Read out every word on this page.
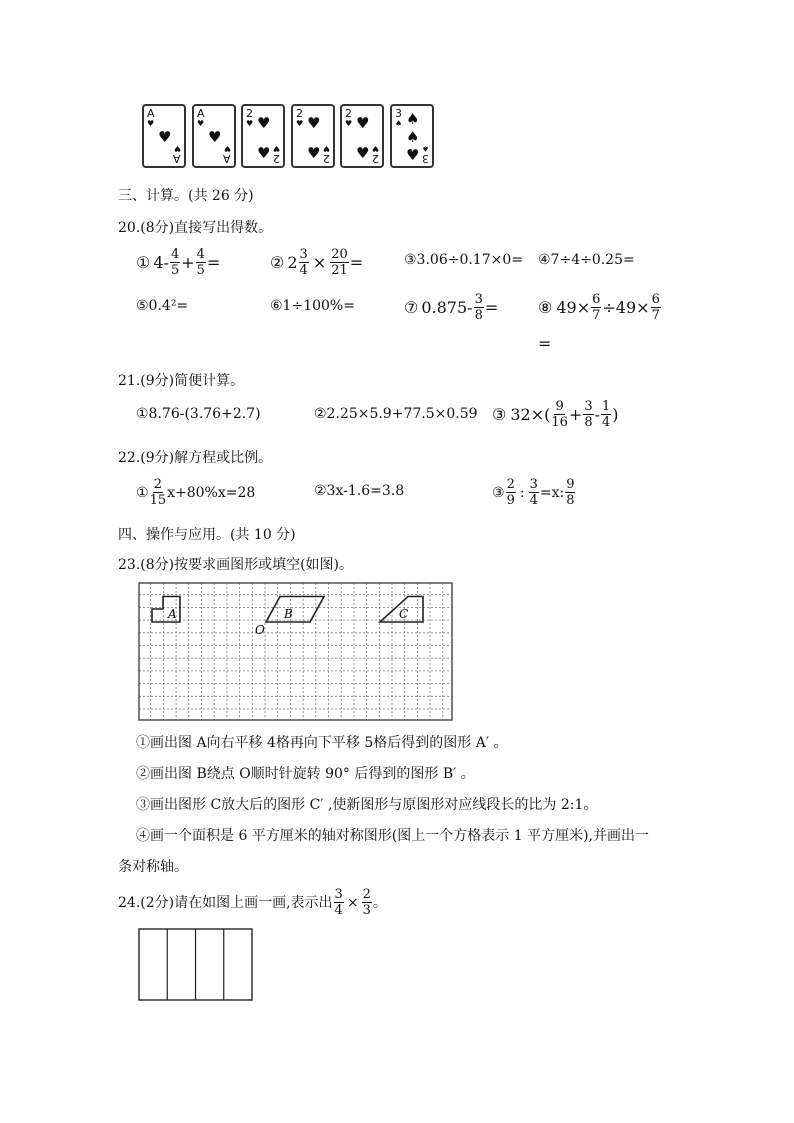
A
♥
A
♥
♥
A
♥
A
♥
♥
2
♥
2
♥
♥
♥
2
♥
2
♥
♥
♥
2
♥
2
♥
♥
♥
3
♠
3
♠
♠
♠
♥
三、计算。(共 26 分)
20.(8分)直接写出得数。
① $4- \frac{4}{5} + \frac{4}{5}$ =	② $2 \frac{3}{4} \times \frac{20}{21}$ =	③3.06÷0.17×0= ④7÷4÷0.25=
⑤0.4²=	⑥1÷100%=	⑦ $0.875- \frac{3}{8}$ = ⑧ $49\times \frac{6}{7} \div 49\times \frac{6}{7}$
=
21.(9分)简便计算。
①8.76-(3.76+2.7)	②2.25×5.9+77.5×0.59 ③ $32\times( \frac{9}{16} + \frac{3}{8} - \frac{1}{4}$ )
22.(9分)解方程或比例。
① $\frac{2}{15} x+80\%x=28$	②3x-1.6=3.8	③ $\frac{2}{9}$ : $\frac{3}{4} =x$: $\frac{9}{8}$
四、操作与应用。(共 10 分)
23.(8分)按要求画图形或填空(如图)。
A	B
O
C
①画出图 A向右平移 4格再向下平移 5格后得到的图形 A′ 。
②画出图 B绕点 O顺时针旋转 90° 后得到的图形 B′ 。
③画出图形 C放大后的图形 C′ ,使新图形与原图形对应线段长的比为 2:1。
④画一个面积是 6 平方厘米的轴对称图形(图上一个方格表示 1 平方厘米),并画出一
条对称轴。
24.(2分)请在如图上画一画,表示出 $\frac{3}{4} \times \frac{2}{3}$ 。
